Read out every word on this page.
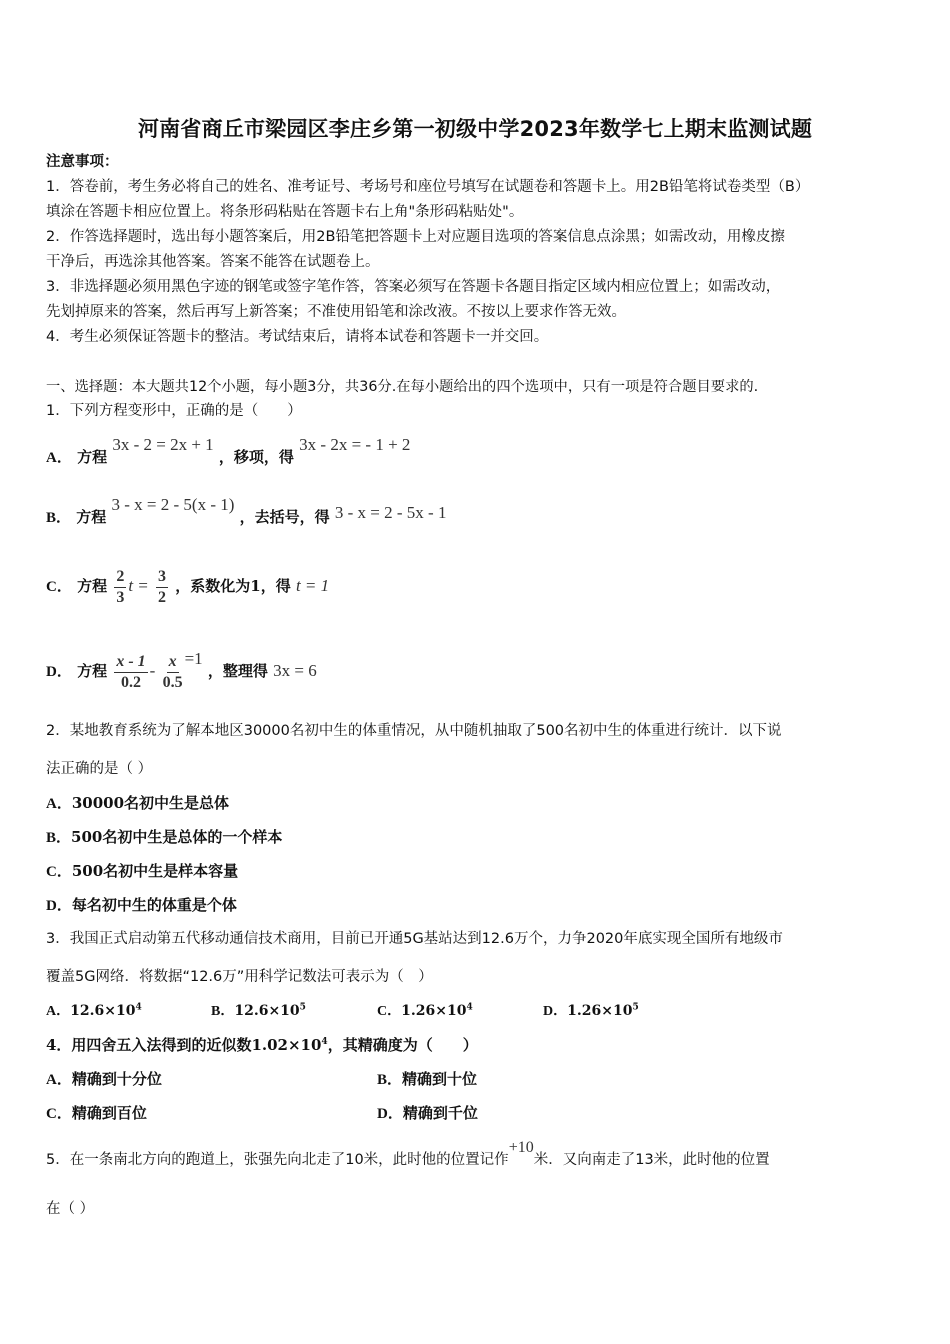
河南省商丘市梁园区李庄乡第一初级中学2023年数学七上期末监测试题
注意事项：
1．答卷前，考生务必将自己的姓名、准考证号、考场号和座位号填写在试题卷和答题卡上。用2B铅笔将试卷类型（B）
填涂在答题卡相应位置上。将条形码粘贴在答题卡右上角"条形码粘贴处"。
2．作答选择题时，选出每小题答案后，用2B铅笔把答题卡上对应题目选项的答案信息点涂黑；如需改动，用橡皮擦
干净后，再选涂其他答案。答案不能答在试题卷上。
3．非选择题必须用黑色字迹的钢笔或签字笔作答，答案必须写在答题卡各题目指定区域内相应位置上；如需改动，
先划掉原来的答案，然后再写上新答案；不准使用铅笔和涂改液。不按以上要求作答无效。
4．考生必须保证答题卡的整洁。考试结束后，请将本试卷和答题卡一并交回。
一、选择题：本大题共12个小题，每小题3分，共36分.在每小题给出的四个选项中，只有一项是符合题目要求的.
1．下列方程变形中，正确的是（　　）
A． 方程 3x - 2 = 2x + 1 ，移项，得 3x - 2x = - 1 + 2
B． 方程 3 - x = 2 - 5(x - 1) ，去括号，得 3 - x = 2 - 5x - 1
C． 方程 $\frac{2}{3}$ $t = \frac{3}{2}$ ，系数化为1，得 t = 1
D． 方程 $\frac{x - 1}{0.2} - \frac{x}{0.5} =1$ ，整理得 3x = 6
2．某地教育系统为了解本地区30000名初中生的体重情况，从中随机抽取了500名初中生的体重进行统计．以下说
法正确的是（ ）
A．30000名初中生是总体
B．500名初中生是总体的一个样本
C．500名初中生是样本容量
D．每名初中生的体重是个体
3．我国正式启动第五代移动通信技术商用，目前已开通5G基站达到12.6万个，力争2020年底实现全国所有地级市
覆盖5G网络．将数据“12.6万”用科学记数法可表示为（　）
A．$12.6\times 10^4$	B．$12.6\times 10^5$	C．$1.26\times 10^4$	D．$1.26\times 10^5$
4．用四舍五入法得到的近似数$1.02\times 10^4$，其精确度为（　　）
A．精确到十分位	B．精确到十位
C．精确到百位	D．精确到千位
5．在一条南北方向的跑道上，张强先向北走了10米，此时他的位置记作+10米．又向南走了13米，此时他的位置
在（ ）
